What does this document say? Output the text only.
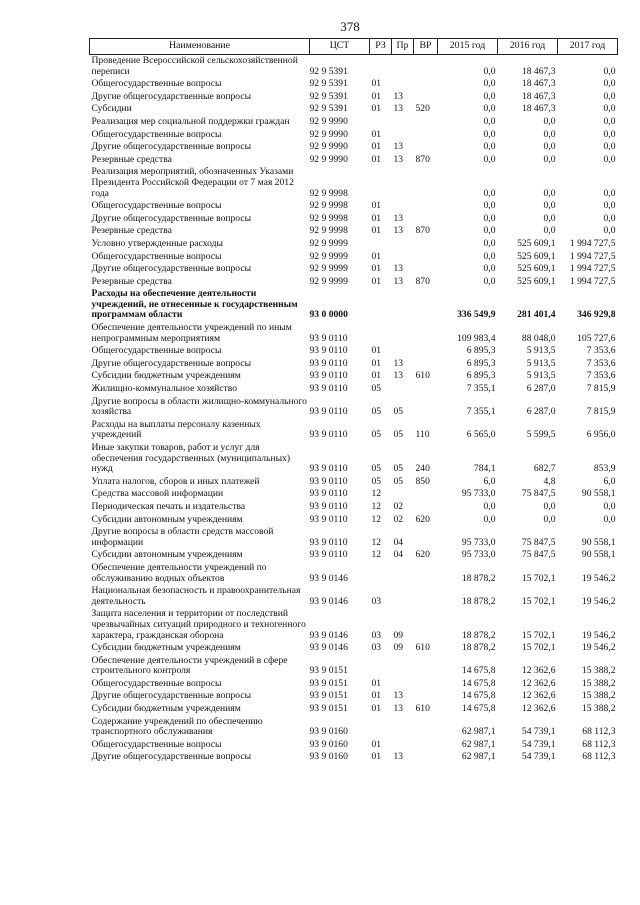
378
Наименование	ЦСТ	РЗ	Пр	ВР	2015 год	2016 год	2017 год
Проведение Всероссийской сельскохозяйственной переписи	92 9 5391				0,0	18 467,3	0,0
Общегосударственные вопросы	92 9 5391	01			0,0	18 467,3	0,0
Другие общегосударственные вопросы	92 9 5391	01	13		0,0	18 467,3	0,0
Субсидии	92 9 5391	01	13	520	0,0	18 467,3	0,0
Реализация мер социальной поддержки граждан	92 9 9990				0,0	0,0	0,0
Общегосударственные вопросы	92 9 9990	01			0,0	0,0	0,0
Другие общегосударственные вопросы	92 9 9990	01	13		0,0	0,0	0,0
Резервные средства	92 9 9990	01	13	870	0,0	0,0	0,0
Реализация мероприятий, обозначенных Указами Президента Российской Федерации от 7 мая 2012 года	92 9 9998				0,0	0,0	0,0
Общегосударственные вопросы	92 9 9998	01			0,0	0,0	0,0
Другие общегосударственные вопросы	92 9 9998	01	13		0,0	0,0	0,0
Резервные средства	92 9 9998	01	13	870	0,0	0,0	0,0
Условно утвержденные расходы	92 9 9999				0,0	525 609,1	1 994 727,5
Общегосударственные вопросы	92 9 9999	01			0,0	525 609,1	1 994 727,5
Другие общегосударственные вопросы	92 9 9999	01	13		0,0	525 609,1	1 994 727,5
Резервные средства	92 9 9999	01	13	870	0,0	525 609,1	1 994 727,5
Расходы на обеспечение деятельности учреждений, не отнесенные к государственным программам области	93 0 0000				336 549,9	281 401,4	346 929,8
Обеспечение деятельности учреждений по иным непрограммным мероприятиям	93 9 0110				109 983,4	88 048,0	105 727,6
Общегосударственные вопросы	93 9 0110	01			6 895,3	5 913,5	7 353,6
Другие общегосударственные вопросы	93 9 0110	01	13		6 895,3	5 913,5	7 353,6
Субсидии бюджетным учреждениям	93 9 0110	01	13	610	6 895,3	5 913,5	7 353,6
Жилищно-коммунальное хозяйство	93 9 0110	05			7 355,1	6 287,0	7 815,9
Другие вопросы в области жилищно-коммунального хозяйства	93 9 0110	05	05		7 355,1	6 287,0	7 815,9
Расходы на выплаты персоналу казенных учреждений	93 9 0110	05	05	110	6 565,0	5 599,5	6 956,0
Иные закупки товаров, работ и услуг для обеспечения государственных (муниципальных) нужд	93 9 0110	05	05	240	784,1	682,7	853,9
Уплата налогов, сборов и иных платежей	93 9 0110	05	05	850	6,0	4,8	6,0
Средства массовой информации	93 9 0110	12			95 733,0	75 847,5	90 558,1
Периодическая печать и издательства	93 9 0110	12	02		0,0	0,0	0,0
Субсидии автономным учреждениям	93 9 0110	12	02	620	0,0	0,0	0,0
Другие вопросы в области средств массовой информации	93 9 0110	12	04		95 733,0	75 847,5	90 558,1
Субсидии автономным учреждениям	93 9 0110	12	04	620	95 733,0	75 847,5	90 558,1
Обеспечение деятельности учреждений по обслуживанию водных объектов	93 9 0146				18 878,2	15 702,1	19 546,2
Национальная безопасность и правоохранительная деятельность	93 9 0146	03			18 878,2	15 702,1	19 546,2
Защита населения и территории от последствий чрезвычайных ситуаций природного и техногенного характера, гражданская оборона	93 9 0146	03	09		18 878,2	15 702,1	19 546,2
Субсидии бюджетным учреждениям	93 9 0146	03	09	610	18 878,2	15 702,1	19 546,2
Обеспечение деятельности учреждений в сфере строительного контроля	93 9 0151				14 675,8	12 362,6	15 388,2
Общегосударственные вопросы	93 9 0151	01			14 675,8	12 362,6	15 388,2
Другие общегосударственные вопросы	93 9 0151	01	13		14 675,8	12 362,6	15 388,2
Субсидии бюджетным учреждениям	93 9 0151	01	13	610	14 675,8	12 362,6	15 388,2
Содержание учреждений по обеспечению транспортного обслуживания	93 9 0160				62 987,1	54 739,1	68 112,3
Общегосударственные вопросы	93 9 0160	01			62 987,1	54 739,1	68 112,3
Другие общегосударственные вопросы	93 9 0160	01	13		62 987,1	54 739,1	68 112,3
